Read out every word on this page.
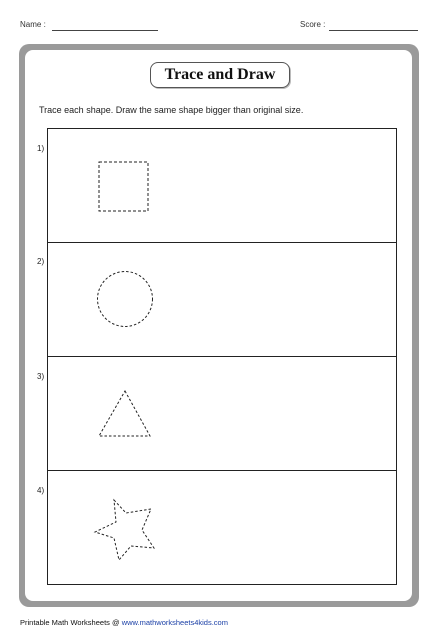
Name :	Score :
Trace and Draw
Trace each shape. Draw the same shape bigger than original size.
1)
2)
3)
4)
Printable Math Worksheets @ www.mathworksheets4kids.com
